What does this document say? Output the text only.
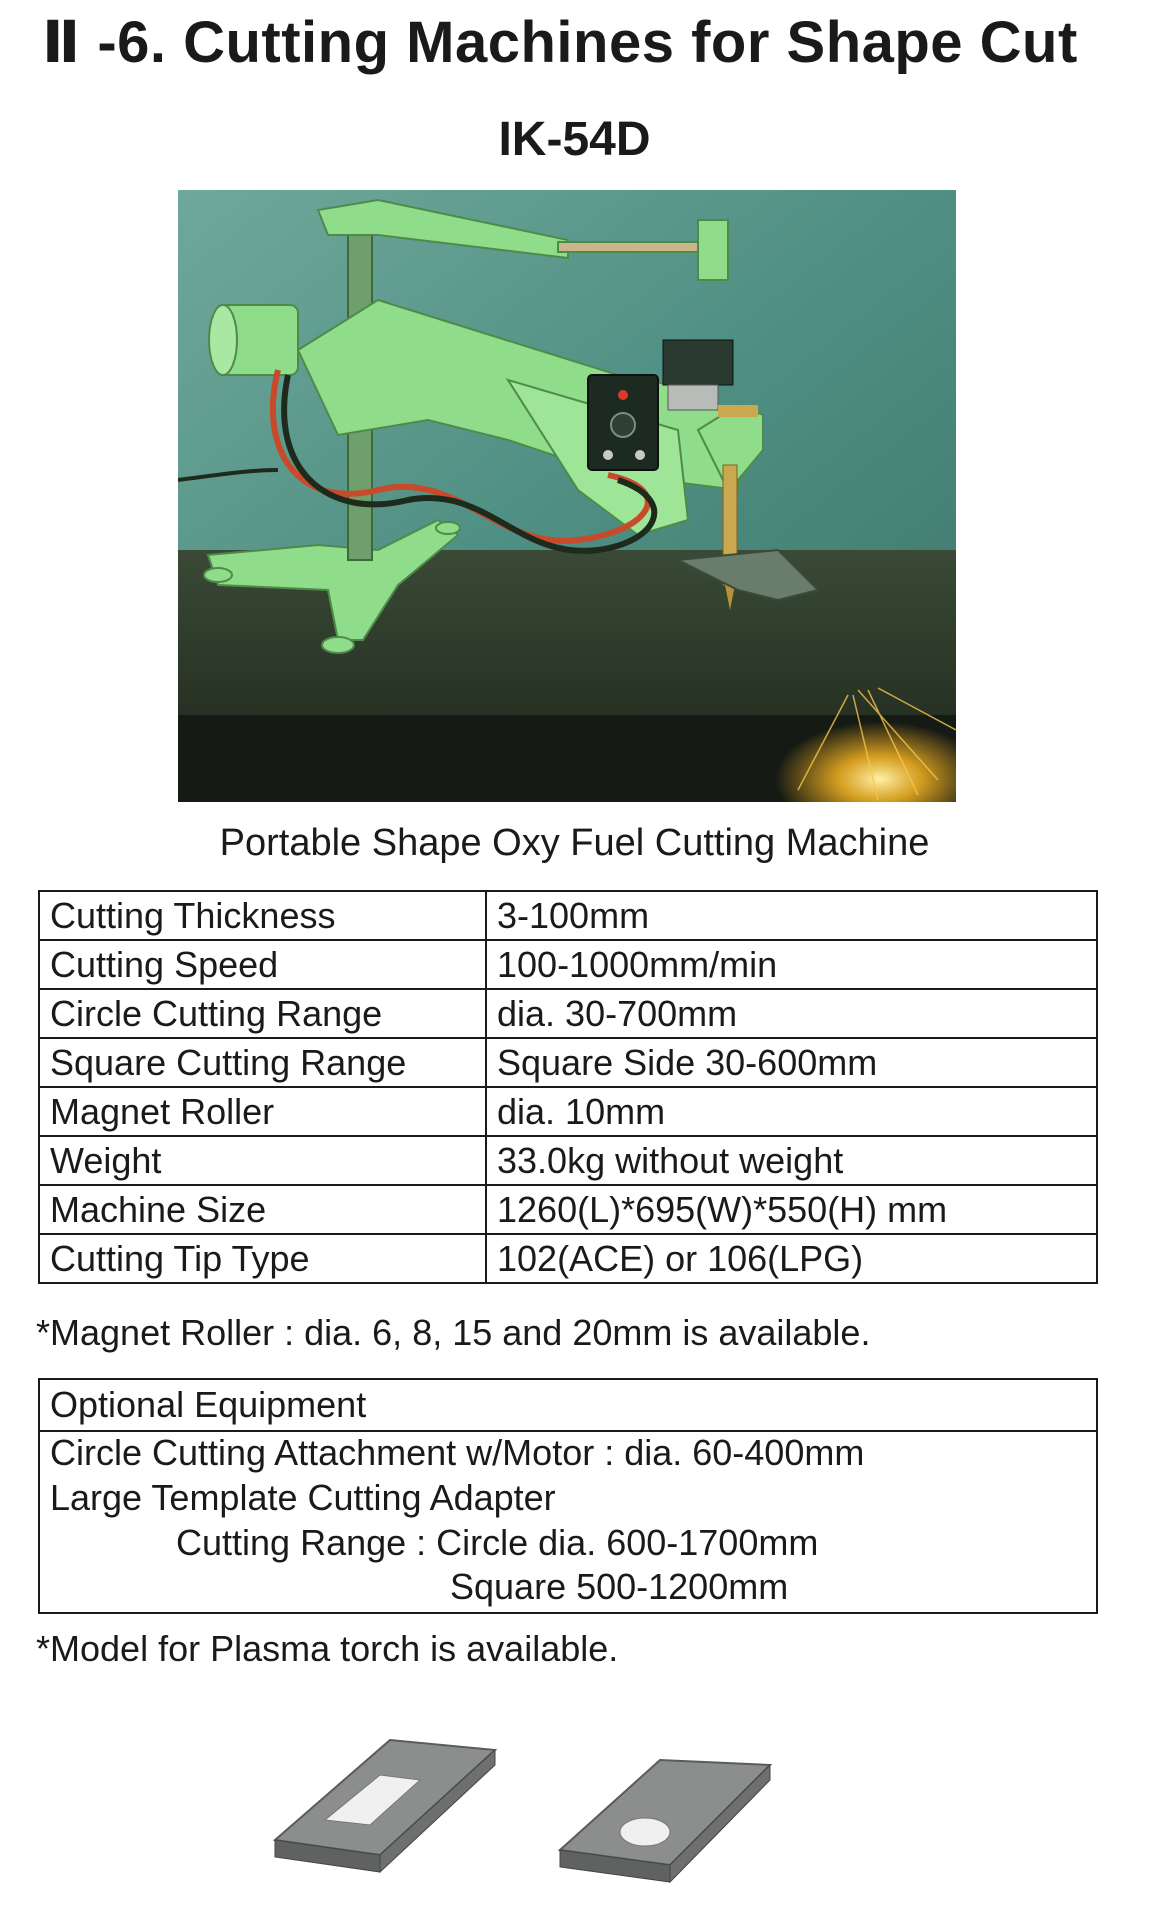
Ⅱ -6. Cutting Machines for Shape Cut
IK-54D
Portable Shape Oxy Fuel Cutting Machine
Cutting Thickness	3-100mm
Cutting Speed	100-1000mm/min
Circle Cutting Range	dia. 30-700mm
Square Cutting Range	Square Side 30-600mm
Magnet Roller	dia. 10mm
Weight	33.0kg without weight
Machine Size	1260(L)*695(W)*550(H) mm
Cutting Tip Type	102(ACE) or 106(LPG)
*Magnet Roller : dia. 6, 8, 15 and 20mm is available.
Optional Equipment
Circle Cutting Attachment w/Motor : dia. 60-400mm
Large Template Cutting Adapter
Cutting Range : Circle dia. 600-1700mm
Square 500-1200mm
*Model for Plasma torch is available.
